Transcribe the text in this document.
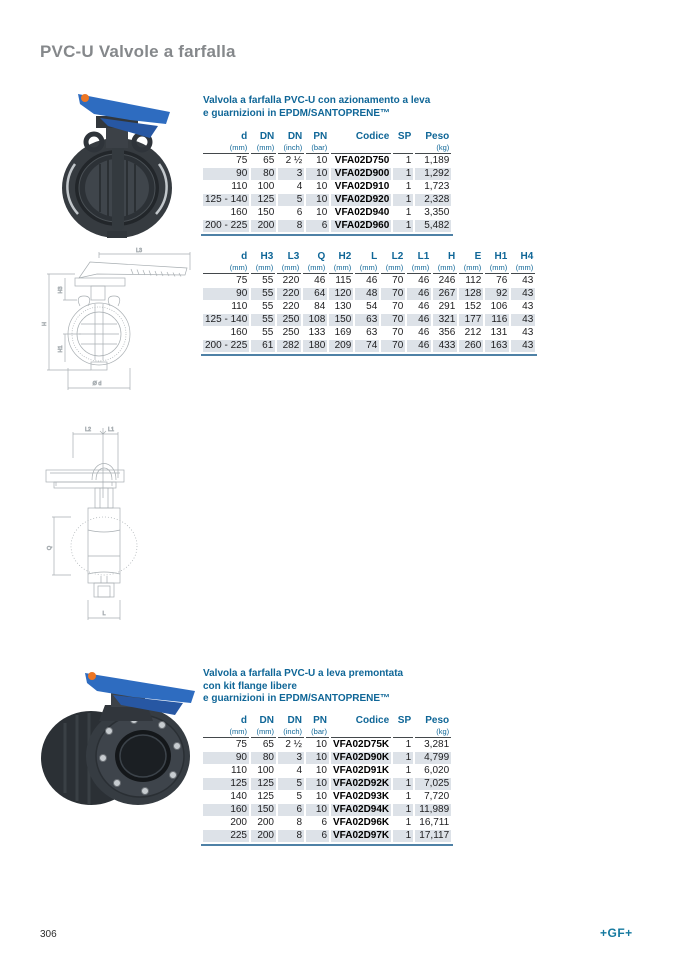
PVC-U Valvole a farfalla
Valvola a farfalla PVC-U con azionamento a leva
e guarnizioni in EPDM/SANTOPRENE™
d	DN	DN	PN	Codice	SP	Peso
(mm)	(mm)	(inch)	(bar)			(kg)
75	65	2 ½	10	VFA02D750	1	1,189
90	80	3	10	VFA02D900	1	1,292
110	100	4	10	VFA02D910	1	1,723
125 - 140	125	5	10	VFA02D920	1	2,328
160	150	6	10	VFA02D940	1	3,350
200 - 225	200	8	6	VFA02D960	1	5,482
L3
H
H3
H1
Ø d
d	H3	L3	Q	H2	L	L2	L1	H	E	H1	H4
(mm)	(mm)	(mm)	(mm)	(mm)	(mm)	(mm)	(mm)	(mm)	(mm)	(mm)	(mm)
75	55	220	46	115	46	70	46	246	112	76	43
90	55	220	64	120	48	70	46	267	128	92	43
110	55	220	84	130	54	70	46	291	152	106	43
125 - 140	55	250	108	150	63	70	46	321	177	116	43
160	55	250	133	169	63	70	46	356	212	131	43
200 - 225	61	282	180	209	74	70	46	433	260	163	43
L2	L1
Q
L
Valvola a farfalla PVC-U a leva premontata
con kit flange libere
e guarnizioni in EPDM/SANTOPRENE™
d	DN	DN	PN	Codice	SP	Peso
(mm)	(mm)	(inch)	(bar)			(kg)
75	65	2 ½	10	VFA02D75K	1	3,281
90	80	3	10	VFA02D90K	1	4,799
110	100	4	10	VFA02D91K	1	6,020
125	125	5	10	VFA02D92K	1	7,025
140	125	5	10	VFA02D93K	1	7,720
160	150	6	10	VFA02D94K	1	11,989
200	200	8	6	VFA02D96K	1	16,711
225	200	8	6	VFA02D97K	1	17,117
306	+GF+
